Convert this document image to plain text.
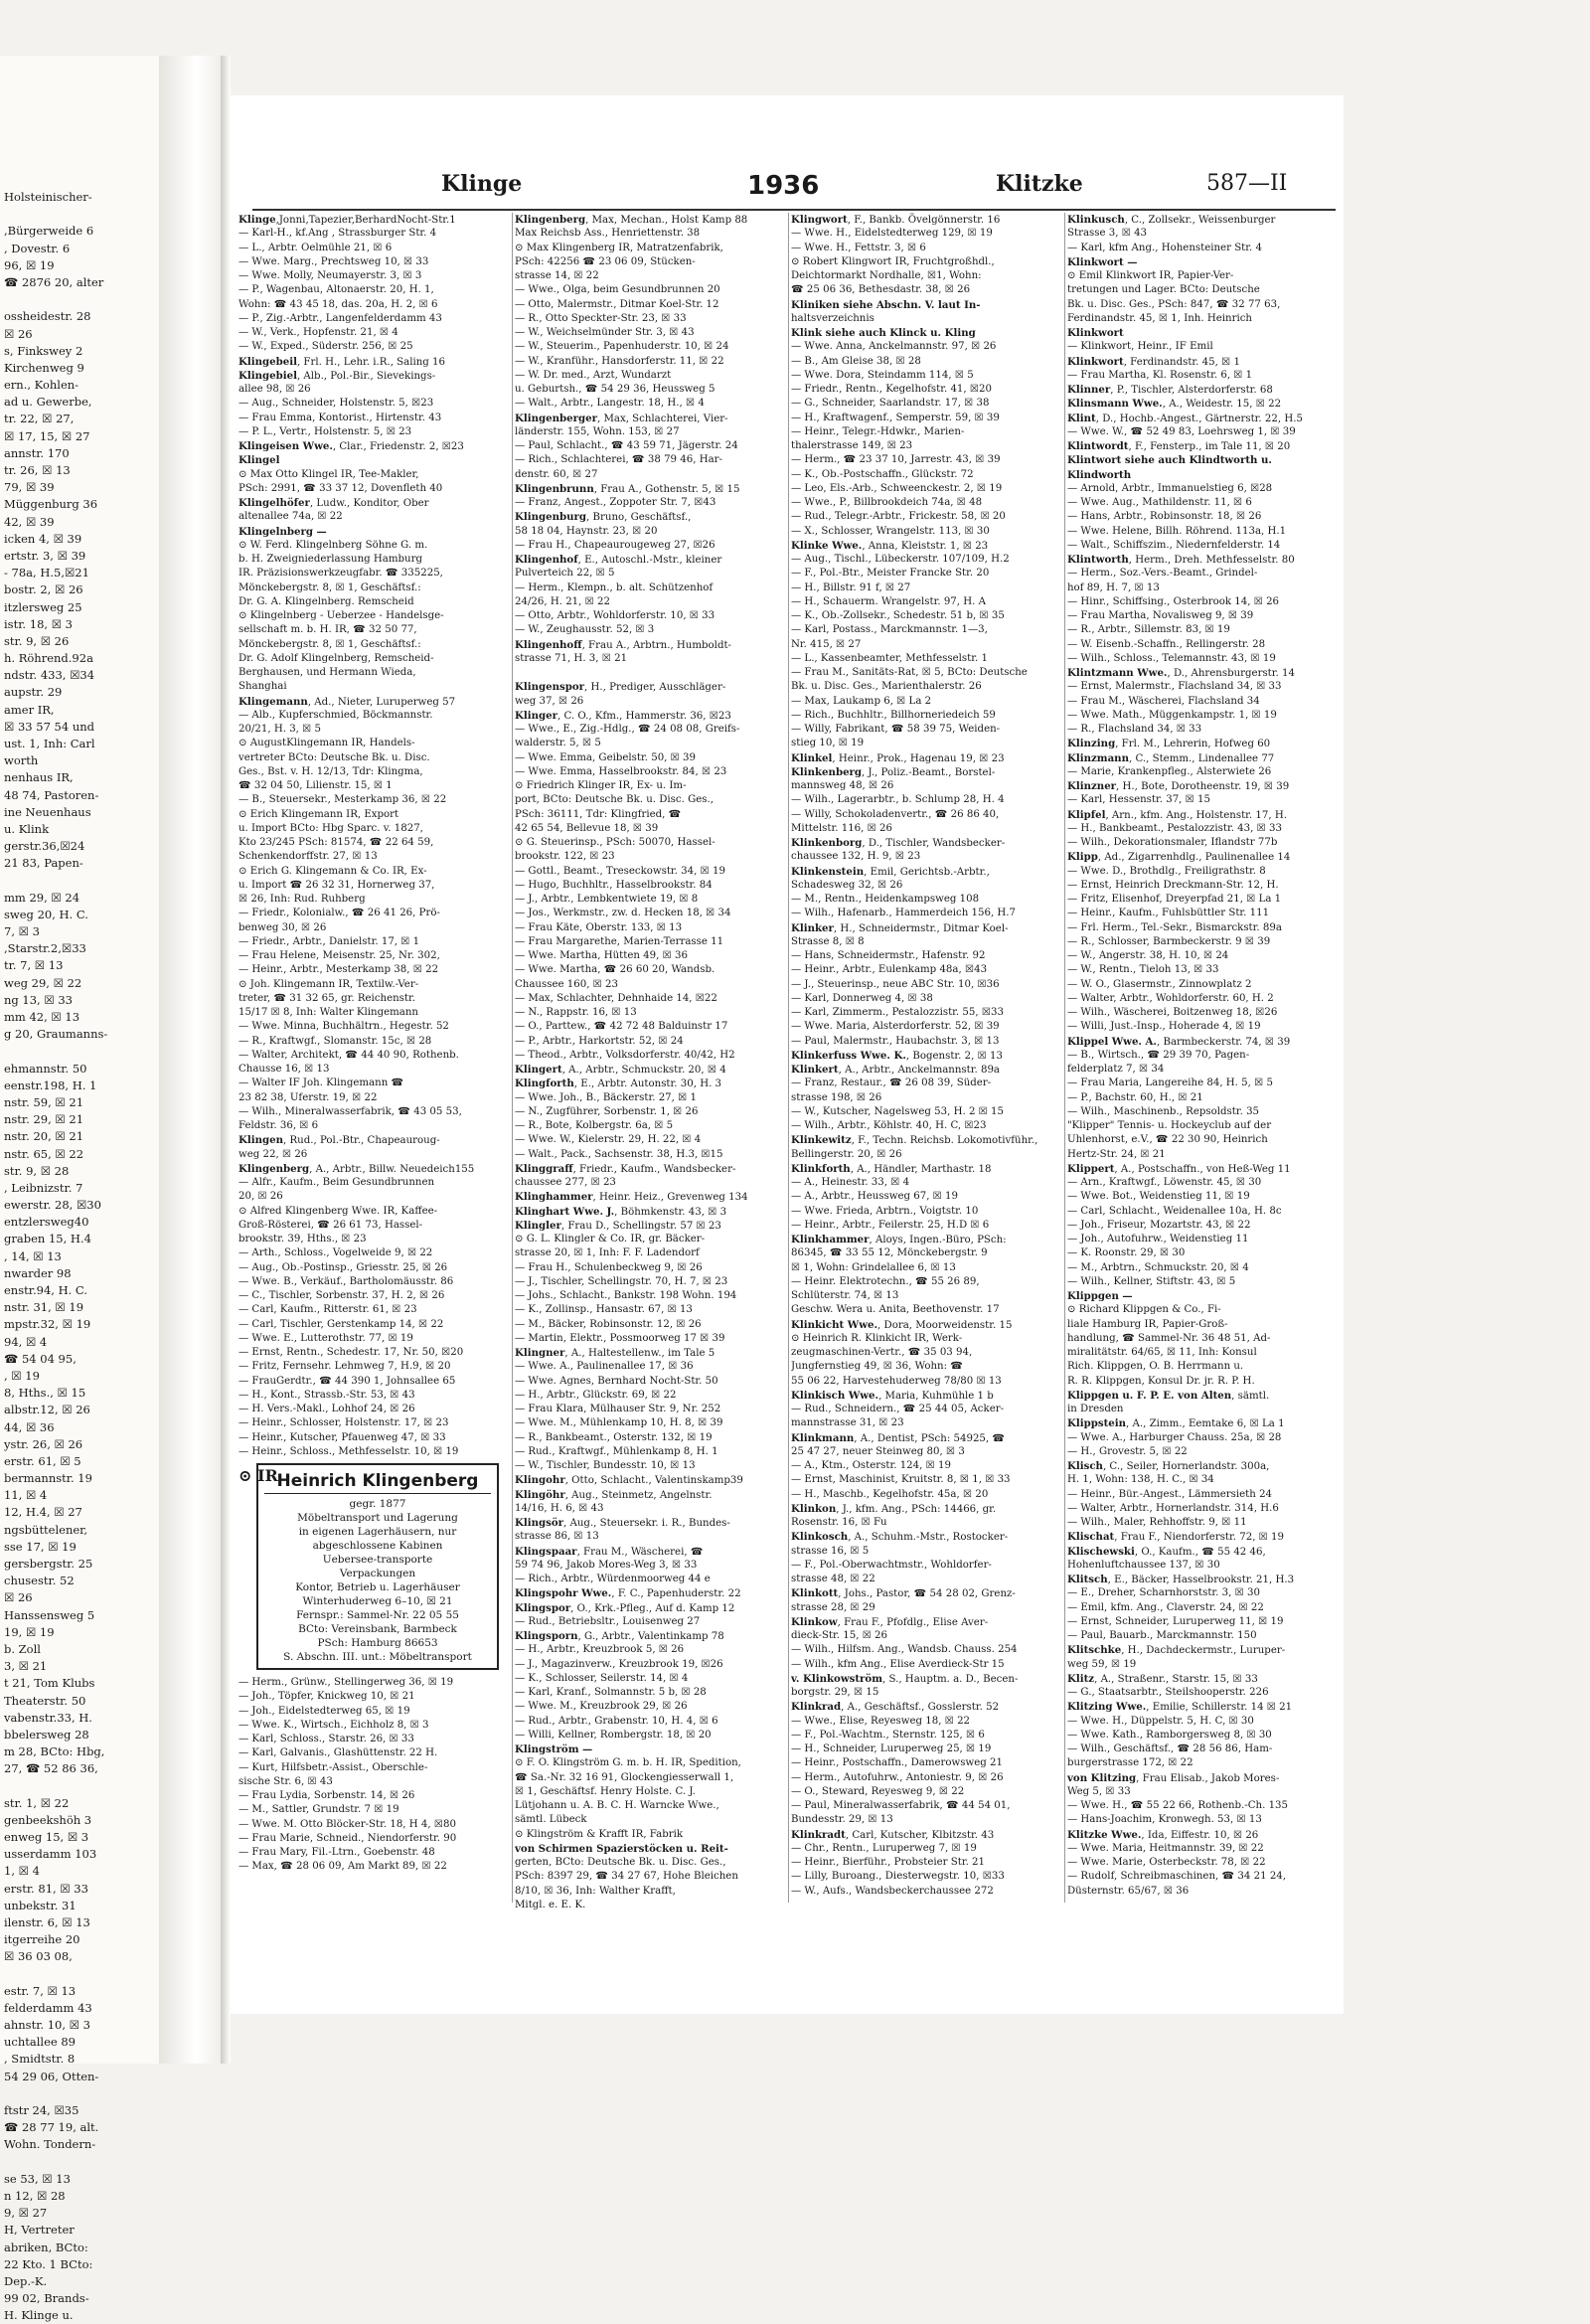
Holsteinischer-
,Bürgerweide 6
, Dovestr. 6
96, ☒ 19
☎ 2876 20, alter
ossheidestr. 28
☒ 26
s, Finkswey 2
Kirchenweg 9
ern., Kohlen-
ad u. Gewerbe,
tr. 22, ☒ 27,
☒ 17, 15, ☒ 27
annstr. 170
tr. 26, ☒ 13
79, ☒ 39
Müggenburg 36
42, ☒ 39
icken 4, ☒ 39
ertstr. 3, ☒ 39
- 78a, H.5,☒21
bostr. 2, ☒ 26
itzlersweg 25
istr. 18, ☒ 3
str. 9, ☒ 26
h. Röhrend.92a
ndstr. 433, ☒34
aupstr. 29
amer IR,
☒ 33 57 54 und
ust. 1, Inh: Carl
worth
nenhaus IR,
48 74, Pastoren-
ine Neuenhaus
u. Klink
gerstr.36,☒24
21 83, Papen-
mm 29, ☒ 24
sweg 20, H. C.
7, ☒ 3
,Starstr.2,☒33
tr. 7, ☒ 13
weg 29, ☒ 22
ng 13, ☒ 33
mm 42, ☒ 13
g 20, Graumanns-
ehmannstr. 50
eenstr.198, H. 1
nstr. 59, ☒ 21
nstr. 29, ☒ 21
nstr. 20, ☒ 21
nstr. 65, ☒ 22
str. 9, ☒ 28
, Leibnizstr. 7
ewerstr. 28, ☒30
entzlersweg40
graben 15, H.4
, 14, ☒ 13
nwarder 98
enstr.94, H. C.
nstr. 31, ☒ 19
mpstr.32, ☒ 19
94, ☒ 4
☎ 54 04 95,
, ☒ 19
8, Hths., ☒ 15
albstr.12, ☒ 26
44, ☒ 36
ystr. 26, ☒ 26
erstr. 61, ☒ 5
bermannstr. 19
11, ☒ 4
12, H.4, ☒ 27
ngsbüttelener,
sse 17, ☒ 19
gersbergstr. 25
chusestr. 52
☒ 26
Hanssensweg 5
19, ☒ 19
b. Zoll
3, ☒ 21
t 21, Tom Klubs
Theaterstr. 50
vabenstr.33, H.
bbelersweg 28
m 28, BCto: Hbg,
27, ☎ 52 86 36,
str. 1, ☒ 22
genbeekshöh 3
enweg 15, ☒ 3
usserdamm 103
1, ☒ 4
erstr. 81, ☒ 33
unbekstr. 31
ilenstr. 6, ☒ 13
itgerreihe 20
☒ 36 03 08,
estr. 7, ☒ 13
felderdamm 43
ahnstr. 10, ☒ 3
uchtallee 89
, Smidtstr. 8
54 29 06, Otten-
ftstr 24, ☒35
☎ 28 77 19, alt.
Wohn. Tondern-
se 53, ☒ 13
n 12, ☒ 28
9, ☒ 27
H, Vertreter
abriken, BCto:
22 Kto. 1 BCto:
Dep.-K.
99 02, Brands-
H. Klinge u.
Klinge	1936	Klitzke	587—II
Klinge,Jonni,Tapezier,BerhardNocht-Str.1
— Karl-H., kf.Ang , Strassburger Str. 4
— L., Arbtr. Oelmühle 21, ☒ 6
— Wwe. Marg., Prechtsweg 10, ☒ 33
— Wwe. Molly, Neumayerstr. 3, ☒ 3
— P., Wagenbau, Altonaerstr. 20, H. 1,
Wohn: ☎ 43 45 18, das. 20a, H. 2, ☒ 6
— P., Zig.-Arbtr., Langenfelderdamm 43
— W., Verk., Hopfenstr. 21, ☒ 4
— W., Exped., Süderstr. 256, ☒ 25
Klingebeil, Frl. H., Lehr. i.R., Saling 16
Klingebiel, Alb., Pol.-Bir., Sievekings-
allee 98, ☒ 26
— Aug., Schneider, Holstenstr. 5, ☒23
— Frau Emma, Kontorist., Hirtenstr. 43
— P. L., Vertr., Holstenstr. 5, ☒ 23
Klingeisen Wwe., Clar., Friedenstr. 2, ☒23
Klingel
⊙ Max Otto Klingel IR, Tee-Makler,
PSch: 2991, ☎ 33 37 12, Dovenfleth 40
Klingelhöfer, Ludw., Konditor, Ober
altenallee 74a, ☒ 22
Klingelnberg —
⊙ W. Ferd. Klingelnberg Söhne G. m.
b. H. Zweigniederlassung Hamburg
IR. Präzisionswerkzeugfabr. ☎ 335225,
Mönckebergstr. 8, ☒ 1, Geschäftsf.:
Dr. G. A. Klingelnberg. Remscheid
⊙ Klingelnberg - Ueberzee - Handelsge-
sellschaft m. b. H. IR, ☎ 32 50 77,
Mönckebergstr. 8, ☒ 1, Geschäftsf.:
Dr. G. Adolf Klingelnberg, Remscheid-
Berghausen, und Hermann Wieda,
Shanghai
Klingemann, Ad., Nieter, Luruperweg 57
— Alb., Kupferschmied, Böckmannstr.
20/21, H. 3, ☒ 5
⊙ AugustKlingemann IR, Handels-
vertreter BCto: Deutsche Bk. u. Disc.
Ges., Bst. v. H. 12/13, Tdr: Klingma,
☎ 32 04 50, Lilienstr. 15, ☒ 1
— B., Steuersekr., Mesterkamp 36, ☒ 22
⊙ Erich Klingemann IR, Export
u. Import BCto: Hbg Sparc. v. 1827,
Kto 23/245 PSch: 81574, ☎ 22 64 59,
Schenkendorffstr. 27, ☒ 13
⊙ Erich G. Klingemann & Co. IR, Ex-
u. Import ☎ 26 32 31, Hornerweg 37,
☒ 26, Inh: Rud. Ruhberg
— Friedr., Kolonialw., ☎ 26 41 26, Prö-
benweg 30, ☒ 26
— Friedr., Arbtr., Danielstr. 17, ☒ 1
— Frau Helene, Meisenstr. 25, Nr. 302,
— Heinr., Arbtr., Mesterkamp 38, ☒ 22
⊙ Joh. Klingemann IR, Textilw.-Ver-
treter, ☎ 31 32 65, gr. Reichenstr.
15/17 ☒ 8, Inh: Walter Klingemann
— Wwe. Minna, Buchhältrn., Hegestr. 52
— R., Kraftwgf., Slomanstr. 15c, ☒ 28
— Walter, Architekt, ☎ 44 40 90, Rothenb.
Chausse 16, ☒ 13
— Walter IF Joh. Klingemann ☎
23 82 38, Uferstr. 19, ☒ 22
— Wilh., Mineralwasserfabrik, ☎ 43 05 53,
Feldstr. 36, ☒ 6
Klingen, Rud., Pol.-Btr., Chapeauroug-
weg 22, ☒ 26
Klingenberg, A., Arbtr., Billw. Neuedeich155
— Alfr., Kaufm., Beim Gesundbrunnen
20, ☒ 26
⊙ Alfred Klingenberg Wwe. IR, Kaffee-
Groß-Rösterei, ☎ 26 61 73, Hassel-
brookstr. 39, Hths., ☒ 23
— Arth., Schloss., Vogelweide 9, ☒ 22
— Aug., Ob.-Postinsp., Griesstr. 25, ☒ 26
— Wwe. B., Verkäuf., Bartholomäusstr. 86
— C., Tischler, Sorbenstr. 37, H. 2, ☒ 26
— Carl, Kaufm., Ritterstr. 61, ☒ 23
— Carl, Tischler, Gerstenkamp 14, ☒ 22
— Wwe. E., Lutterothstr. 77, ☒ 19
— Ernst, Rentn., Schedestr. 17, Nr. 50, ☒20
— Fritz, Fernsehr. Lehmweg 7, H.9, ☒ 20
— FrauGerdtr., ☎ 44 390 1, Johnsallee 65
— H., Kont., Strassb.-Str. 53, ☒ 43
— H. Vers.-Makl., Lohhof 24, ☒ 26
— Heinr., Schlosser, Holstenstr. 17, ☒ 23
— Heinr., Kutscher, Pfauenweg 47, ☒ 33
— Heinr., Schloss., Methfesselstr. 10, ☒ 19
⊙ IR
Heinrich Klingenberg
gegr. 1877
Möbeltransport und Lagerung
in eigenen Lagerhäusern, nur
abgeschlossene Kabinen
Uebersee-transporte
Verpackungen
Kontor, Betrieb u. Lagerhäuser
Winterhuderweg 6–10, ☒ 21
Fernspr.: Sammel-Nr. 22 05 55
BCto: Vereinsbank, Barmbeck
PSch: Hamburg 86653
S. Abschn. III. unt.: Möbeltransport
— Herm., Grünw., Stellingerweg 36, ☒ 19
— Joh., Töpfer, Knickweg 10, ☒ 21
— Joh., Eidelstedterweg 65, ☒ 19
— Wwe. K., Wirtsch., Eichholz 8, ☒ 3
— Karl, Schloss., Starstr. 26, ☒ 33
— Karl, Galvanis., Glashüttenstr. 22 H.
— Kurt, Hilfsbetr.-Assist., Oberschle-
sische Str. 6, ☒ 43
— Frau Lydia, Sorbenstr. 14, ☒ 26
— M., Sattler, Grundstr. 7 ☒ 19
— Wwe. M. Otto Blöcker-Str. 18, H 4, ☒80
— Frau Marie, Schneid., Niendorferstr. 90
— Frau Mary, Fil.-Ltrn., Goebenstr. 48
— Max, ☎ 28 06 09, Am Markt 89, ☒ 22
Klingenberg, Max, Mechan., Holst Kamp 88
Max Reichsb Ass., Henriettenstr. 38
⊙ Max Klingenberg IR, Matratzenfabrik,
PSch: 42256 ☎ 23 06 09, Stücken-
strasse 14, ☒ 22
— Wwe., Olga, beim Gesundbrunnen 20
— Otto, Malermstr., Ditmar Koel-Str. 12
— R., Otto Speckter-Str. 23, ☒ 33
— W., Weichselmünder Str. 3, ☒ 43
— W., Steuerim., Papenhuderstr. 10, ☒ 24
— W., Kranführ., Hansdorferstr. 11, ☒ 22
— W. Dr. med., Arzt, Wundarzt
u. Geburtsh., ☎ 54 29 36, Heussweg 5
— Walt., Arbtr., Langestr. 18, H., ☒ 4
Klingenberger, Max, Schlachterei, Vier-
länderstr. 155, Wohn. 153, ☒ 27
— Paul, Schlacht., ☎ 43 59 71, Jägerstr. 24
— Rich., Schlachterei, ☎ 38 79 46, Har-
denstr. 60, ☒ 27
Klingenbrunn, Frau A., Gothenstr. 5, ☒ 15
— Franz, Angest., Zoppoter Str. 7, ☒43
Klingenburg, Bruno, Geschäftsf.,
58 18 04, Haynstr. 23, ☒ 20
— Frau H., Chapeaurougeweg 27, ☒26
Klingenhof, E., Autoschl.-Mstr., kleiner
Pulverteich 22, ☒ 5
— Herm., Klempn., b. alt. Schützenhof
24/26, H. 21, ☒ 22
— Otto, Arbtr., Wohldorferstr. 10, ☒ 33
— W., Zeughausstr. 52, ☒ 3
Klingenhoff, Frau A., Arbtrn., Humboldt-
strasse 71, H. 3, ☒ 21
Klingenspor, H., Prediger, Ausschläger-
weg 37, ☒ 26
Klinger, C. O., Kfm., Hammerstr. 36, ☒23
— Wwe., E., Zig.-Hdlg., ☎ 24 08 08, Greifs-
walderstr. 5, ☒ 5
— Wwe. Emma, Geibelstr. 50, ☒ 39
— Wwe. Emma, Hasselbrookstr. 84, ☒ 23
⊙ Friedrich Klinger IR, Ex- u. Im-
port, BCto: Deutsche Bk. u. Disc. Ges.,
PSch: 36111, Tdr: Klingfried, ☎
42 65 54, Bellevue 18, ☒ 39
⊙ G. Steuerinsp., PSch: 50070, Hassel-
brookstr. 122, ☒ 23
— Gottl., Beamt., Treseckowstr. 34, ☒ 19
— Hugo, Buchhltr., Hasselbrookstr. 84
— J., Arbtr., Lembkentwiete 19, ☒ 8
— Jos., Werkmstr., zw. d. Hecken 18, ☒ 34
— Frau Käte, Oberstr. 133, ☒ 13
— Frau Margarethe, Marien-Terrasse 11
— Wwe. Martha, Hütten 49, ☒ 36
— Wwe. Martha, ☎ 26 60 20, Wandsb.
Chaussee 160, ☒ 23
— Max, Schlachter, Dehnhaide 14, ☒22
— N., Rappstr. 16, ☒ 13
— O., Parttew., ☎ 42 72 48 Balduinstr 17
— P., Arbtr., Harkortstr. 52, ☒ 24
— Theod., Arbtr., Volksdorferstr. 40/42, H2
Klingert, A., Arbtr., Schmuckstr. 20, ☒ 4
Klingforth, E., Arbtr. Autonstr. 30, H. 3
— Wwe. Joh., B., Bäckerstr. 27, ☒ 1
— N., Zugführer, Sorbenstr. 1, ☒ 26
— R., Bote, Kolbergstr. 6a, ☒ 5
— Wwe. W., Kielerstr. 29, H. 22, ☒ 4
— Walt., Pack., Sachsenstr. 38, H.3, ☒15
Klinggraff, Friedr., Kaufm., Wandsbecker-
chaussee 277, ☒ 23
Klinghammer, Heinr. Heiz., Grevenweg 134
Klinghart Wwe. J., Böhmkenstr. 43, ☒ 3
Klingler, Frau D., Schellingstr. 57 ☒ 23
⊙ G. L. Klingler & Co. IR, gr. Bäcker-
strasse 20, ☒ 1, Inh: F. F. Ladendorf
— Frau H., Schulenbeckweg 9, ☒ 26
— J., Tischler, Schellingstr. 70, H. 7, ☒ 23
— Johs., Schlacht., Bankstr. 198 Wohn. 194
— K., Zollinsp., Hansastr. 67, ☒ 13
— M., Bäcker, Robinsonstr. 12, ☒ 26
— Martin, Elektr., Possmoorweg 17 ☒ 39
Klingner, A., Haltestellenw., im Tale 5
— Wwe. A., Paulinenallee 17, ☒ 36
— Wwe. Agnes, Bernhard Nocht-Str. 50
— H., Arbtr., Glückstr. 69, ☒ 22
— Frau Klara, Mülhauser Str. 9, Nr. 252
— Wwe. M., Mühlenkamp 10, H. 8, ☒ 39
— R., Bankbeamt., Osterstr. 132, ☒ 19
— Rud., Kraftwgf., Mühlenkamp 8, H. 1
— W., Tischler, Bundesstr. 10, ☒ 13
Klingohr, Otto, Schlacht., Valentinskamp39
Klingöhr, Aug., Steinmetz, Angelnstr.
14/16, H. 6, ☒ 43
Klingsör, Aug., Steuersekr. i. R., Bundes-
strasse 86, ☒ 13
Klingspaar, Frau M., Wäscherei, ☎
59 74 96, Jakob Mores-Weg 3, ☒ 33
— Rich., Arbtr., Würdenmoorweg 44 e
Klingspohr Wwe., F. C., Papenhuderstr. 22
Klingspor, O., Krk.-Pfleg., Auf d. Kamp 12
— Rud., Betriebsltr., Louisenweg 27
Klingsporn, G., Arbtr., Valentinkamp 78
— H., Arbtr., Kreuzbrook 5, ☒ 26
— J., Magazinverw., Kreuzbrook 19, ☒26
— K., Schlosser, Seilerstr. 14, ☒ 4
— Karl, Kranf., Solmannstr. 5 b, ☒ 28
— Wwe. M., Kreuzbrook 29, ☒ 26
— Rud., Arbtr., Grabenstr. 10, H. 4, ☒ 6
— Willi, Kellner, Rombergstr. 18, ☒ 20
Klingström —
⊙ F. O. Klingström G. m. b. H. IR, Spedition,
☎ Sa.-Nr. 32 16 91, Glockengiesserwall 1,
☒ 1, Geschäftsf. Henry Holste. C. J.
Lütjohann u. A. B. C. H. Warncke Wwe.,
sämtl. Lübeck
⊙ Klingström & Krafft IR, Fabrik
von Schirmen Spazierstöcken u. Reit-
gerten, BCto: Deutsche Bk. u. Disc. Ges.,
PSch: 8397 29, ☎ 34 27 67, Hohe Bleichen
8/10, ☒ 36, Inh: Walther Krafft,
Mitgl. e. E. K.
Klingwort, F., Bankb. Övelgönnerstr. 16
— Wwe. H., Eidelstedterweg 129, ☒ 19
— Wwe. H., Fettstr. 3, ☒ 6
⊙ Robert Klingwort IR, Fruchtgroßhdl.,
Deichtormarkt Nordhalle, ☒1, Wohn:
☎ 25 06 36, Bethesdastr. 38, ☒ 26
Kliniken siehe Abschn. V. laut In-
haltsverzeichnis
Klink siehe auch Klinck u. Kling
— Wwe. Anna, Anckelmannstr. 97, ☒ 26
— B., Am Gleise 38, ☒ 28
— Wwe. Dora, Steindamm 114, ☒ 5
— Friedr., Rentn., Kegelhofstr. 41, ☒20
— G., Schneider, Saarlandstr. 17, ☒ 38
— H., Kraftwagenf., Semperstr. 59, ☒ 39
— Heinr., Telegr.-Hdwkr., Marien-
thalerstrasse 149, ☒ 23
— Herm., ☎ 23 37 10, Jarrestr. 43, ☒ 39
— K., Ob.-Postschaffn., Glückstr. 72
— Leo, Els.-Arb., Schweenckestr. 2, ☒ 19
— Wwe., P., Billbrookdeich 74a, ☒ 48
— Rud., Telegr.-Arbtr., Frickestr. 58, ☒ 20
— X., Schlosser, Wrangelstr. 113, ☒ 30
Klinke Wwe., Anna, Kleiststr. 1, ☒ 23
— Aug., Tischl., Lübeckerstr. 107/109, H.2
— F., Pol.-Btr., Meister Francke Str. 20
— H., Billstr. 91 f, ☒ 27
— H., Schauerm. Wrangelstr. 97, H. A
— K., Ob.-Zollsekr., Schedestr. 51 b, ☒ 35
— Karl, Postass., Marckmannstr. 1—3,
Nr. 415, ☒ 27
— L., Kassenbeamter, Methfesselstr. 1
— Frau M., Sanitäts-Rat, ☒ 5, BCto: Deutsche
Bk. u. Disc. Ges., Marienthalerstr. 26
— Max, Laukamp 6, ☒ La 2
— Rich., Buchhltr., Billhorneriedeich 59
— Willy, Fabrikant, ☎ 58 39 75, Weiden-
stieg 10, ☒ 19
Klinkel, Heinr., Prok., Hagenau 19, ☒ 23
Klinkenberg, J., Poliz.-Beamt., Borstel-
mannsweg 48, ☒ 26
— Wilh., Lagerarbtr., b. Schlump 28, H. 4
— Willy, Schokoladenvertr., ☎ 26 86 40,
Mittelstr. 116, ☒ 26
Klinkenborg, D., Tischler, Wandsbecker-
chaussee 132, H. 9, ☒ 23
Klinkenstein, Emil, Gerichtsb.-Arbtr.,
Schadesweg 32, ☒ 26
— M., Rentn., Heidenkampsweg 108
— Wilh., Hafenarb., Hammerdeich 156, H.7
Klinker, H., Schneidermstr., Ditmar Koel-
Strasse 8, ☒ 8
— Hans, Schneidermstr., Hafenstr. 92
— Heinr., Arbtr., Eulenkamp 48a, ☒43
— J., Steuerinsp., neue ABC Str. 10, ☒36
— Karl, Donnerweg 4, ☒ 38
— Karl, Zimmerm., Pestalozzistr. 55, ☒33
— Wwe. Maria, Alsterdorferstr. 52, ☒ 39
— Paul, Malermstr., Haubachstr. 3, ☒ 13
Klinkerfuss Wwe. K., Bogenstr. 2, ☒ 13
Klinkert, A., Arbtr., Anckelmannstr. 89a
— Franz, Restaur., ☎ 26 08 39, Süder-
strasse 198, ☒ 26
— W., Kutscher, Nagelsweg 53, H. 2 ☒ 15
— Wilh., Arbtr., Köhlstr. 40, H. C, ☒23
Klinkewitz, F., Techn. Reichsb. Lokomotivführ.,
Bellingerstr. 20, ☒ 26
Klinkforth, A., Händler, Marthastr. 18
— A., Heinestr. 33, ☒ 4
— A., Arbtr., Heussweg 67, ☒ 19
— Wwe. Frieda, Arbtrn., Voigtstr. 10
— Heinr., Arbtr., Feilerstr. 25, H.D ☒ 6
Klinkhammer, Aloys, Ingen.-Büro, PSch:
86345, ☎ 33 55 12, Mönckebergstr. 9
☒ 1, Wohn: Grindelallee 6, ☒ 13
— Heinr. Elektrotechn., ☎ 55 26 89,
Schlüterstr. 74, ☒ 13
Geschw. Wera u. Anita, Beethovenstr. 17
Klinkicht Wwe., Dora, Moorweidenstr. 15
⊙ Heinrich R. Klinkicht IR, Werk-
zeugmaschinen-Vertr., ☎ 35 03 94,
Jungfernstieg 49, ☒ 36, Wohn: ☎
55 06 22, Harvestehuderweg 78/80 ☒ 13
Klinkisch Wwe., Maria, Kuhmühle 1 b
— Rud., Schneidern., ☎ 25 44 05, Acker-
mannstrasse 31, ☒ 23
Klinkmann, A., Dentist, PSch: 54925, ☎
25 47 27, neuer Steinweg 80, ☒ 3
— A., Ktm., Osterstr. 124, ☒ 19
— Ernst, Maschinist, Kruitstr. 8, ☒ 1, ☒ 33
— H., Maschb., Kegelhofstr. 45a, ☒ 20
Klinkon, J., kfm. Ang., PSch: 14466, gr.
Rosenstr. 16, ☒ Fu
Klinkosch, A., Schuhm.-Mstr., Rostocker-
strasse 16, ☒ 5
— F., Pol.-Oberwachtmstr., Wohldorfer-
strasse 48, ☒ 22
Klinkott, Johs., Pastor, ☎ 54 28 02, Grenz-
strasse 28, ☒ 29
Klinkow, Frau F., Pfofdlg., Elise Aver-
dieck-Str. 15, ☒ 26
— Wilh., Hilfsm. Ang., Wandsb. Chauss. 254
— Wilh., kfm Ang., Elise Averdieck-Str 15
v. Klinkowström, S., Hauptm. a. D., Becen-
borgstr. 29, ☒ 15
Klinkrad, A., Geschäftsf., Gosslerstr. 52
— Wwe., Elise, Reyesweg 18, ☒ 22
— F., Pol.-Wachtm., Sternstr. 125, ☒ 6
— H., Schneider, Luruperweg 25, ☒ 19
— Heinr., Postschaffn., Damerowsweg 21
— Herm., Autofuhrw., Antoniestr. 9, ☒ 26
— O., Steward, Reyesweg 9, ☒ 22
— Paul, Mineralwasserfabrik, ☎ 44 54 01,
Bundesstr. 29, ☒ 13
Klinkradt, Carl, Kutscher, Klbitzstr. 43
— Chr., Rentn., Luruperweg 7, ☒ 19
— Heinr., Bierführ., Probsteier Str. 21
— Lilly, Buroang., Diesterwegstr. 10, ☒33
— W., Aufs., Wandsbeckerchaussee 272
Klinkusch, C., Zollsekr., Weissenburger
Strasse 3, ☒ 43
— Karl, kfm Ang., Hohensteiner Str. 4
Klinkwort —
⊙ Emil Klinkwort IR, Papier-Ver-
tretungen und Lager. BCto: Deutsche
Bk. u. Disc. Ges., PSch: 847, ☎ 32 77 63,
Ferdinandstr. 45, ☒ 1, Inh. Heinrich
Klinkwort
— Klinkwort, Heinr., IF Emil
Klinkwort, Ferdinandstr. 45, ☒ 1
— Frau Martha, Kl. Rosenstr. 6, ☒ 1
Klinner, P., Tischler, Alsterdorferstr. 68
Klinsmann Wwe., A., Weidestr. 15, ☒ 22
Klint, D., Hochb.-Angest., Gärtnerstr. 22, H.5
— Wwe. W., ☎ 52 49 83, Loehrsweg 1, ☒ 39
Klintwordt, F., Fensterp., im Tale 11, ☒ 20
Klintwort siehe auch Klindtworth u.
Klindworth
— Arnold, Arbtr., Immanuelstieg 6, ☒28
— Wwe. Aug., Mathildenstr. 11, ☒ 6
— Hans, Arbtr., Robinsonstr. 18, ☒ 26
— Wwe. Helene, Billh. Röhrend. 113a, H.1
— Walt., Schiffszim., Niedernfelderstr. 14
Klintworth, Herm., Dreh. Methfesselstr. 80
— Herm., Soz.-Vers.-Beamt., Grindel-
hof 89, H. 7, ☒ 13
— Hinr., Schiffsing., Osterbrook 14, ☒ 26
— Frau Martha, Novalisweg 9, ☒ 39
— R., Arbtr., Sillemstr. 83, ☒ 19
— W. Eisenb.-Schaffn., Rellingerstr. 28
— Wilh., Schloss., Telemannstr. 43, ☒ 19
Klintzmann Wwe., D., Ahrensburgerstr. 14
— Ernst, Malermstr., Flachsland 34, ☒ 33
— Frau M., Wäscherei, Flachsland 34
— Wwe. Math., Müggenkampstr. 1, ☒ 19
— R., Flachsland 34, ☒ 33
Klinzing, Frl. M., Lehrerin, Hofweg 60
Klinzmann, C., Stemm., Lindenallee 77
— Marie, Krankenpfleg., Alsterwiete 26
Klinzner, H., Bote, Dorotheenstr. 19, ☒ 39
— Karl, Hessenstr. 37, ☒ 15
Klipfel, Arn., kfm. Ang., Holstenstr. 17, H.
— H., Bankbeamt., Pestalozzistr. 43, ☒ 33
— Wilh., Dekorationsmaler, Iflandstr 77b
Klipp, Ad., Zigarrenhdlg., Paulinenallee 14
— Wwe. D., Brothdlg., Freiligrathstr. 8
— Ernst, Heinrich Dreckmann-Str. 12, H.
— Fritz, Elisenhof, Dreyerpfad 21, ☒ La 1
— Heinr., Kaufm., Fuhlsbüttler Str. 111
— Frl. Herm., Tel.-Sekr., Bismarckstr. 89a
— R., Schlosser, Barmbeckerstr. 9 ☒ 39
— W., Angerstr. 38, H. 10, ☒ 24
— W., Rentn., Tieloh 13, ☒ 33
— W. O., Glasermstr., Zinnowplatz 2
— Walter, Arbtr., Wohldorferstr. 60, H. 2
— Wilh., Wäscherei, Boitzenweg 18, ☒26
— Willi, Just.-Insp., Hoherade 4, ☒ 19
Klippel Wwe. A., Barmbeckerstr. 74, ☒ 39
— B., Wirtsch., ☎ 29 39 70, Pagen-
felderplatz 7, ☒ 34
— Frau Maria, Langereihe 84, H. 5, ☒ 5
— P., Bachstr. 60, H., ☒ 21
— Wilh., Maschinenb., Repsoldstr. 35
"Klipper" Tennis- u. Hockeyclub auf der
Uhlenhorst, e.V., ☎ 22 30 90, Heinrich
Hertz-Str. 24, ☒ 21
Klippert, A., Postschaffn., von Heß-Weg 11
— Arn., Kraftwgf., Löwenstr. 45, ☒ 30
— Wwe. Bot., Weidenstieg 11, ☒ 19
— Carl, Schlacht., Weidenallee 10a, H. 8c
— Joh., Friseur, Mozartstr. 43, ☒ 22
— Joh., Autofuhrw., Weidenstieg 11
— K. Roonstr. 29, ☒ 30
— M., Arbtrn., Schmuckstr. 20, ☒ 4
— Wilh., Kellner, Stiftstr. 43, ☒ 5
Klippgen —
⊙ Richard Klippgen & Co., Fi-
liale Hamburg IR, Papier-Groß-
handlung, ☎ Sammel-Nr. 36 48 51, Ad-
miralitätstr. 64/65, ☒ 11, Inh: Konsul
Rich. Klippgen, O. B. Herrmann u.
R. R. Klippgen, Konsul Dr. jr. R. P. H.
Klippgen u. F. P. E. von Alten, sämtl.
in Dresden
Klippstein, A., Zimm., Eemtake 6, ☒ La 1
— Wwe. A., Harburger Chauss. 25a, ☒ 28
— H., Grovestr. 5, ☒ 22
Klisch, C., Seiler, Hornerlandstr. 300a,
H. 1, Wohn: 138, H. C., ☒ 34
— Heinr., Bür.-Angest., Lämmersieth 24
— Walter, Arbtr., Hornerlandstr. 314, H.6
— Wilh., Maler, Rehhoffstr. 9, ☒ 11
Klischat, Frau F., Niendorferstr. 72, ☒ 19
Klischewski, O., Kaufm., ☎ 55 42 46,
Hohenluftchaussee 137, ☒ 30
Klitsch, E., Bäcker, Hasselbrookstr. 21, H.3
— E., Dreher, Scharnhorststr. 3, ☒ 30
— Emil, kfm. Ang., Claverstr. 24, ☒ 22
— Ernst, Schneider, Luruperweg 11, ☒ 19
— Paul, Bauarb., Marckmannstr. 150
Klitschke, H., Dachdeckermstr., Luruper-
weg 59, ☒ 19
Klitz, A., Straßenr., Starstr. 15, ☒ 33
— G., Staatsarbtr., Steilshooperstr. 226
Klitzing Wwe., Emilie, Schillerstr. 14 ☒ 21
— Wwe. H., Düppelstr. 5, H. C, ☒ 30
— Wwe. Kath., Ramborgersweg 8, ☒ 30
— Wilh., Geschäftsf., ☎ 28 56 86, Ham-
burgerstrasse 172, ☒ 22
von Klitzing, Frau Elisab., Jakob Mores-
Weg 5, ☒ 33
— Wwe. H., ☎ 55 22 66, Rothenb.-Ch. 135
— Hans-Joachim, Kronwegh. 53, ☒ 13
Klitzke Wwe., Ida, Eiffestr. 10, ☒ 26
— Wwe. Maria, Heitmannstr. 39, ☒ 22
— Wwe. Marie, Osterbeckstr. 78, ☒ 22
— Rudolf, Schreibmaschinen, ☎ 34 21 24,
Düsternstr. 65/67, ☒ 36
